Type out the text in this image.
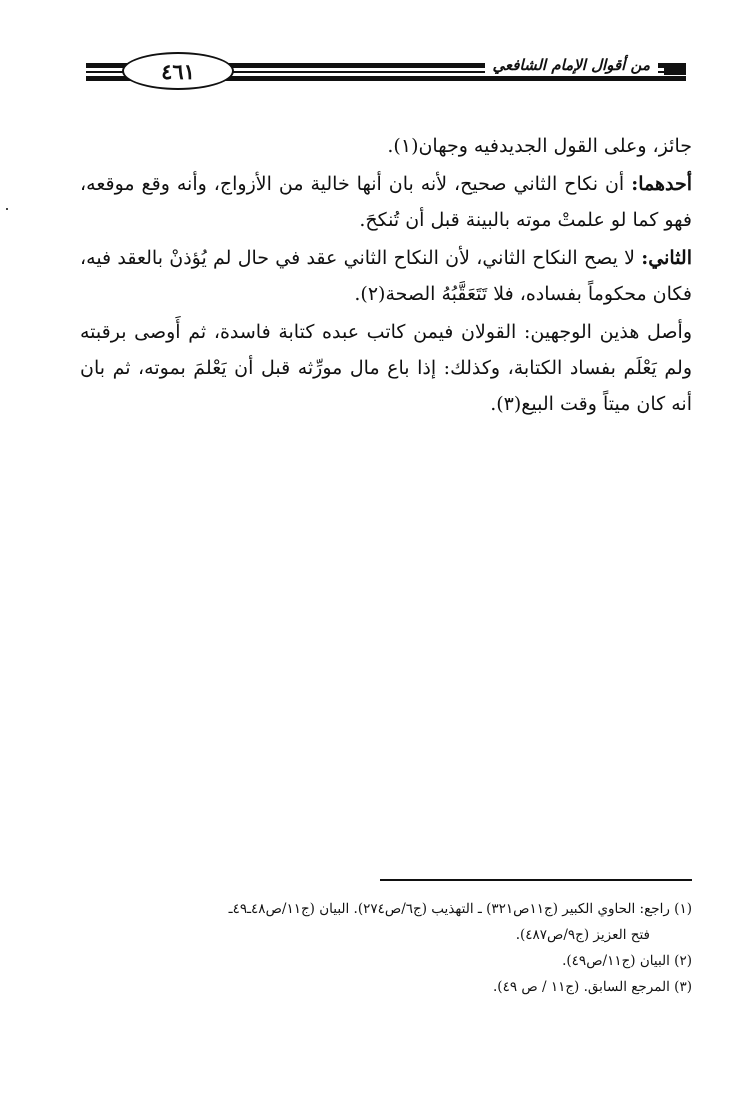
٤٦١	من أقوال الإمام الشافعي

جائز، وعلى القول الجديدفيه وجهان(١).

أحدهما: أن نكاح الثاني صحيح، لأنه بان أنها خالية من الأزواج، وأنه وقع موقعه، فهو كما لو علمتْ موته بالبينة قبل أن تُنكحَ.

الثاني: لا يصح النكاح الثاني، لأن النكاح الثاني عقد في حال لم يُؤذنْ بالعقد فيه، فكان محكوماً بفساده، فلا تَتَعَقَّبُهُ الصحة(٢).

وأصل هذين الوجهين: القولان فيمن كاتب عبده كتابة فاسدة، ثم أَوصى برقبته ولم يَعْلَم بفساد الكتابة، وكذلك: إذا باع مال مورِّثه قبل أن يَعْلمَ بموته، ثم بان أنه كان ميتاً وقت البيع(٣).

(١) راجع: الحاوي الكبير (ج١١ص٣٢١) ـ التهذيب (ج٦/ص٢٧٤). البيان (ج١١/ص٤٨ـ٤٩ـ

فتح العزيز (ج٩/ص٤٨٧).

(٢) البيان (ج١١/ص٤٩).

(٣) المرجع السابق. (ج١١ / ص ٤٩).
